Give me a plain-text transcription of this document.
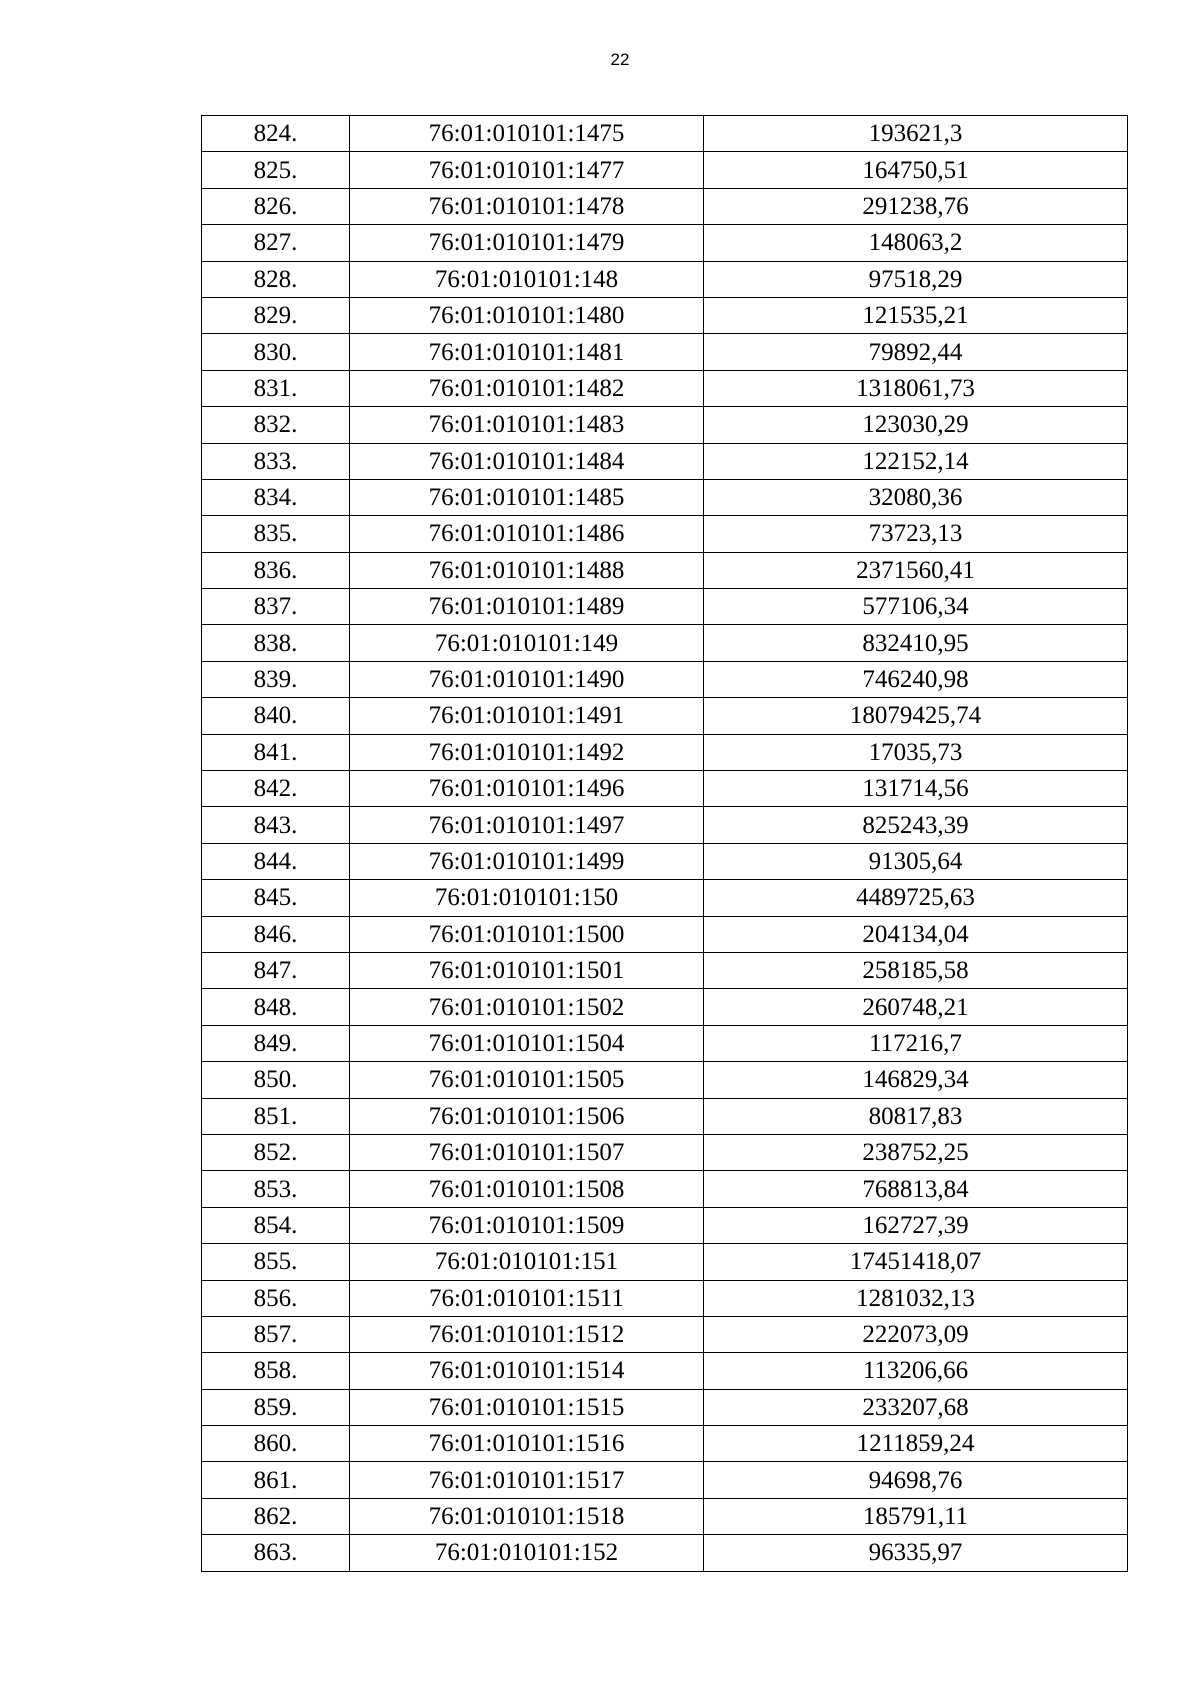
22
824.	76:01:010101:1475	193621,3
825.	76:01:010101:1477	164750,51
826.	76:01:010101:1478	291238,76
827.	76:01:010101:1479	148063,2
828.	76:01:010101:148	97518,29
829.	76:01:010101:1480	121535,21
830.	76:01:010101:1481	79892,44
831.	76:01:010101:1482	1318061,73
832.	76:01:010101:1483	123030,29
833.	76:01:010101:1484	122152,14
834.	76:01:010101:1485	32080,36
835.	76:01:010101:1486	73723,13
836.	76:01:010101:1488	2371560,41
837.	76:01:010101:1489	577106,34
838.	76:01:010101:149	832410,95
839.	76:01:010101:1490	746240,98
840.	76:01:010101:1491	18079425,74
841.	76:01:010101:1492	17035,73
842.	76:01:010101:1496	131714,56
843.	76:01:010101:1497	825243,39
844.	76:01:010101:1499	91305,64
845.	76:01:010101:150	4489725,63
846.	76:01:010101:1500	204134,04
847.	76:01:010101:1501	258185,58
848.	76:01:010101:1502	260748,21
849.	76:01:010101:1504	117216,7
850.	76:01:010101:1505	146829,34
851.	76:01:010101:1506	80817,83
852.	76:01:010101:1507	238752,25
853.	76:01:010101:1508	768813,84
854.	76:01:010101:1509	162727,39
855.	76:01:010101:151	17451418,07
856.	76:01:010101:1511	1281032,13
857.	76:01:010101:1512	222073,09
858.	76:01:010101:1514	113206,66
859.	76:01:010101:1515	233207,68
860.	76:01:010101:1516	1211859,24
861.	76:01:010101:1517	94698,76
862.	76:01:010101:1518	185791,11
863.	76:01:010101:152	96335,97
